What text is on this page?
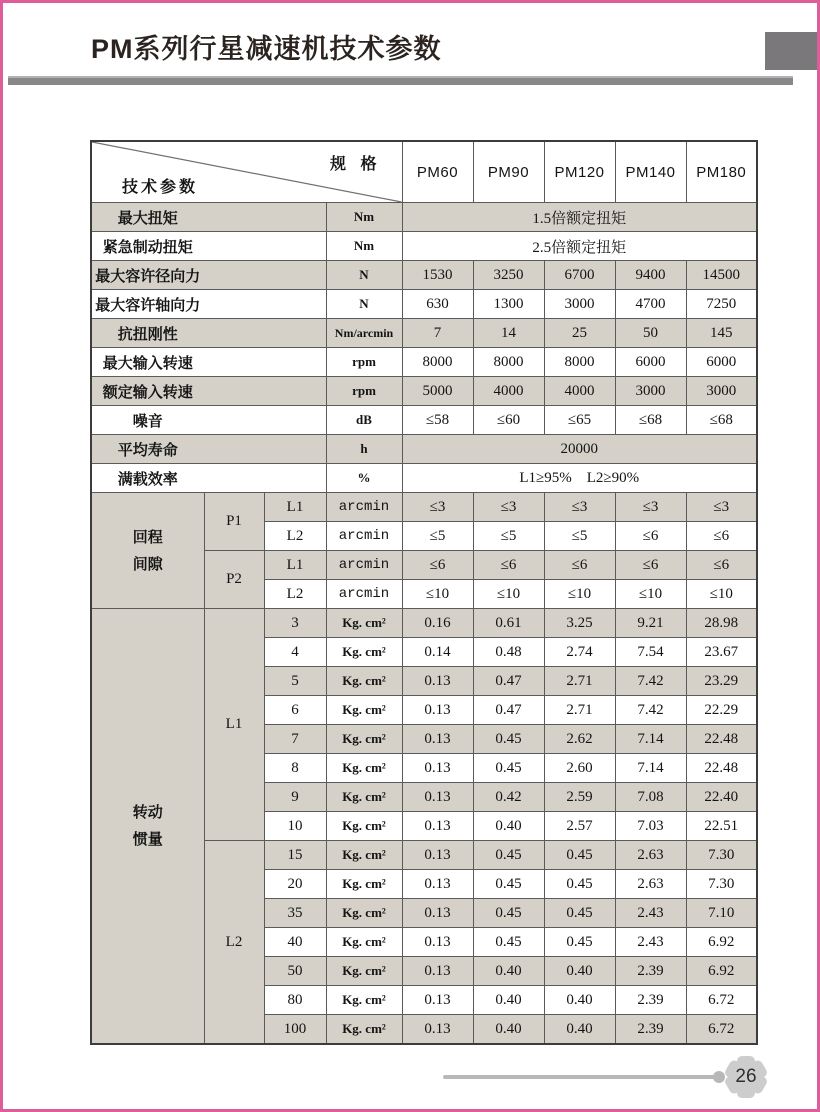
PM系列行星减速机技术参数
规 格
技术参数				PM60	PM90	PM120	PM140	PM180
最大扭矩			Nm	1.5倍额定扭矩				
紧急制动扭矩			Nm	2.5倍额定扭矩				
最大容许径向力			N	1530	3250	6700	9400	14500
最大容许轴向力			N	630	1300	3000	4700	7250
抗扭刚性			Nm/arcmin	7	14	25	50	145
最大输入转速			rpm	8000	8000	8000	6000	6000
额定输入转速			rpm	5000	4000	4000	3000	3000
噪音			dB	≤58	≤60	≤65	≤68	≤68
平均寿命			h	20000				
满载效率			%	L1≥95%    L2≥90%				
回程
间隙	P1	L1	arcmin	≤3	≤3	≤3	≤3	≤3
		L2	arcmin	≤5	≤5	≤5	≤6	≤6
	P2	L1	arcmin	≤6	≤6	≤6	≤6	≤6
		L2	arcmin	≤10	≤10	≤10	≤10	≤10
转动
惯量	L1	3	Kg. cm²	0.16	0.61	3.25	9.21	28.98
		4	Kg. cm²	0.14	0.48	2.74	7.54	23.67
		5	Kg. cm²	0.13	0.47	2.71	7.42	23.29
		6	Kg. cm²	0.13	0.47	2.71	7.42	22.29
		7	Kg. cm²	0.13	0.45	2.62	7.14	22.48
		8	Kg. cm²	0.13	0.45	2.60	7.14	22.48
		9	Kg. cm²	0.13	0.42	2.59	7.08	22.40
		10	Kg. cm²	0.13	0.40	2.57	7.03	22.51
	L2	15	Kg. cm²	0.13	0.45	0.45	2.63	7.30
		20	Kg. cm²	0.13	0.45	0.45	2.63	7.30
		35	Kg. cm²	0.13	0.45	0.45	2.43	7.10
		40	Kg. cm²	0.13	0.45	0.45	2.43	6.92
		50	Kg. cm²	0.13	0.40	0.40	2.39	6.92
		80	Kg. cm²	0.13	0.40	0.40	2.39	6.72
		100	Kg. cm²	0.13	0.40	0.40	2.39	6.72
26
